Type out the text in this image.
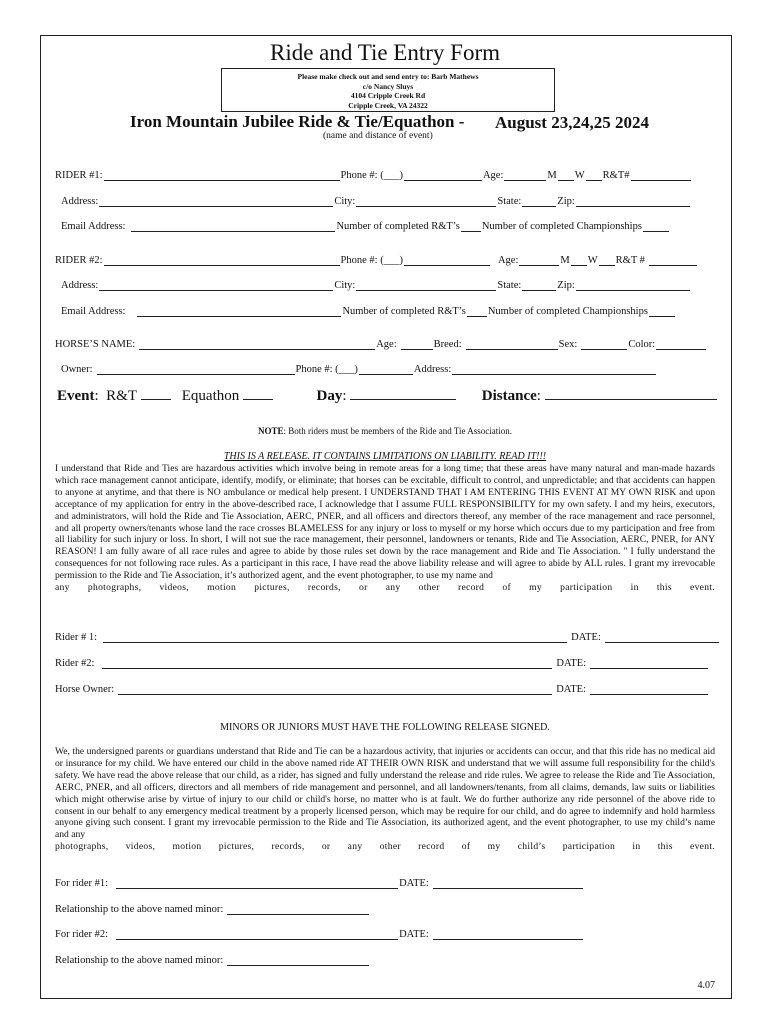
Ride and Tie Entry Form
Please make check out and send entry to: Barb Mathews
c/o Nancy Sluys
4104 Cripple Creek Rd
Cripple Creek, VA 24322
Iron Mountain Jubilee Ride & Tie/Equathon - August 23,24,25 2024
(name and distance of event)
RIDER #1:	Phone #: (___)	Age:	M W R&T#
Address:	City:	State:	Zip:
Email Address:	Number of completed R&T’s Number of completed Championships
RIDER #2:	Phone #: (___)	Age:	M W R&T #
Address:	City:	State:	Zip:
Email Address:	Number of completed R&T’s Number of completed Championships
HORSE’S NAME:	Age:	Breed:	Sex:	Color:
Owner:	Phone #: (___)	Address:
Event:  R&T	Equathon	Day:	Distance:
NOTE: Both riders must be members of the Ride and Tie Association.
THIS IS A RELEASE. IT CONTAINS LIMITATIONS ON LIABILITY. READ IT!!!
I understand that Ride and Ties are hazardous activities which involve being in remote areas for a long time; that these areas have many natural and man-made hazards which race management cannot anticipate, identify, modify, or eliminate; that horses can be excitable, difficult to control, and unpredictable; and that accidents can happen to anyone at anytime, and that there is NO ambulance or medical help present. I UNDERSTAND THAT I AM ENTERING THIS EVENT AT MY OWN RISK and upon acceptance of my application for entry in the above-described race, I acknowledge that I assume FULL RESPONSIBILITY for my own safety. I and my heirs, executors, and administrators, will hold the Ride and Tie Association, AERC, PNER, and all officers and directors thereof, any member of the race management and race personnel, and all property owners/tenants whose land the race crosses BLAMELESS for any injury or loss to myself or my horse which occurs due to my participation and free from all liability for such injury or loss. In short, I will not sue the race management, their personnel, landowners or tenants, Ride and Tie Association, AERC, PNER, for ANY REASON! I am fully aware of all race rules and agree to abide by those rules set down by the race management and Ride and Tie Association. " I fully understand the consequences for not following race rules. As a participant in this race, I have read the above liability release and will agree to abide by ALL rules. I grant my irrevocable permission to the Ride and Tie Association, it’s authorized agent, and the event photographer, to use my name and
any photographs, videos, motion pictures, records, or any other record of my participation in this event.
Rider # 1:	DATE:
Rider #2:	DATE:
Horse Owner:	DATE:
MINORS OR JUNIORS MUST HAVE THE FOLLOWING RELEASE SIGNED.
We, the undersigned parents or guardians understand that Ride and Tie can be a hazardous activity, that injuries or accidents can occur, and that this ride has no medical aid or insurance for my child. We have entered our child in the above named ride AT THEIR OWN RISK and understand that we will assume full responsibility for the child's safety. We have read the above release that our child, as a rider, has signed and fully understand the release and ride rules. We agree to release the Ride and Tie Association, AERC, PNER, and all officers, directors and all members of ride management and personnel, and all landowners/tenants, from all claims, demands, law suits or liabilities which might otherwise arise by virtue of injury to our child or child's horse, no matter who is at fault. We do further authorize any ride personnel of the above ride to consent in our behalf to any emergency medical treatment by a properly licensed person, which may be require for our child, and do agree to indemnify and hold harmless anyone giving such consent. I grant my irrevocable permission to the Ride and Tie Association, its authorized agent, and the event photographer, to use my child’s name and any
photographs, videos, motion pictures, records, or any other record of my child’s participation in this event.
For rider #1:	DATE:
Relationship to the above named minor:
For rider #2:	DATE:
Relationship to the above named minor:
4.07
